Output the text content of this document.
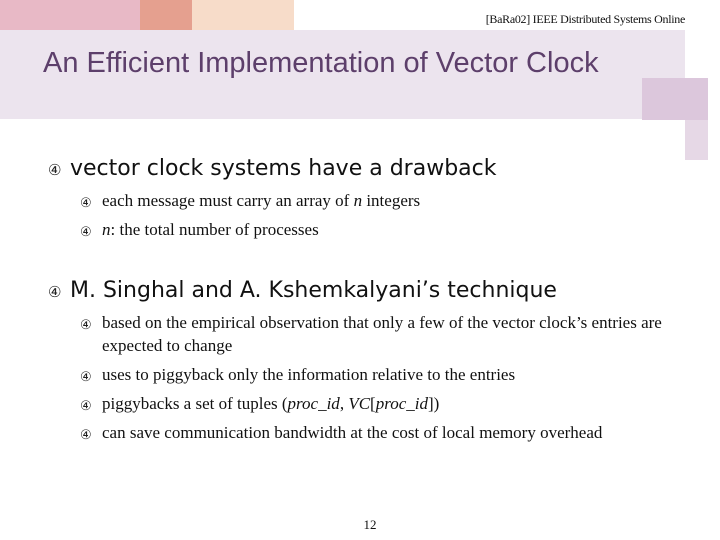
[BaRa02] IEEE Distributed Systems Online
An Efficient Implementation of Vector Clock
④ vector clock systems have a drawback
④ each message must carry an array of n integers
④ n: the total number of processes
④ M. Singhal and A. Kshemkalyani’s technique
④ based on the empirical observation that only a few of the vector clock’s entries are expected to change
④ uses to piggyback only the information relative to the entries
④ piggybacks a set of tuples (proc_id, VC[proc_id])
④ can save communication bandwidth at the cost of local memory overhead
12
